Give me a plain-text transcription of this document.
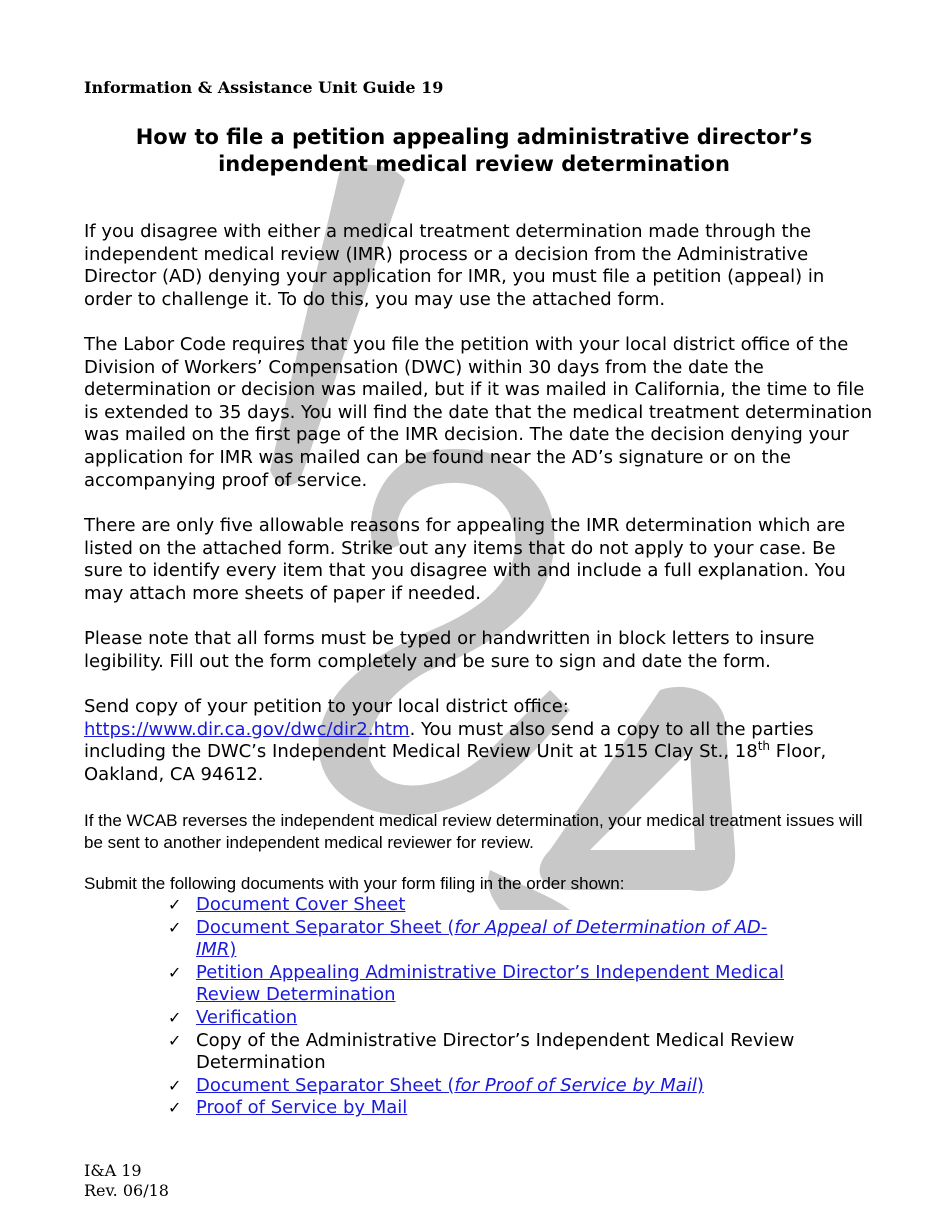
Information & Assistance Unit Guide 19
How to file a petition appealing administrative director’s
independent medical review determination

If you disagree with either a medical treatment determination made through the independent medical review (IMR) process or a decision from the Administrative Director (AD) denying your application for IMR, you must file a petition (appeal) in order to challenge it. To do this, you may use the attached form.

The Labor Code requires that you file the petition with your local district office of the Division of Workers’ Compensation (DWC) within 30 days from the date the determination or decision was mailed, but if it was mailed in California, the time to file is extended to 35 days. You will find the date that the medical treatment determination was mailed on the first page of the IMR decision. The date the decision denying your application for IMR was mailed can be found near the AD’s signature or on the accompanying proof of service.

There are only five allowable reasons for appealing the IMR determination which are listed on the attached form. Strike out any items that do not apply to your case. Be sure to identify every item that you disagree with and include a full explanation. You may attach more sheets of paper if needed.

Please note that all forms must be typed or handwritten in block letters to insure legibility. Fill out the form completely and be sure to sign and date the form.

Send copy of your petition to your local district office:
https://www.dir.ca.gov/dwc/dir2.htm. You must also send a copy to all the parties including the DWC’s Independent Medical Review Unit at 1515 Clay St., 18th Floor, Oakland, CA 94612.

If the WCAB reverses the independent medical review determination, your medical treatment issues will be sent to another independent medical reviewer for review.

Submit the following documents with your form filing in the order shown:

✓ Document Cover Sheet
✓ Document Separator Sheet (for Appeal of Determination of AD-IMR)
✓ Petition Appealing Administrative Director’s Independent Medical Review Determination
✓ Verification
✓ Copy of the Administrative Director’s Independent Medical Review Determination
✓ Document Separator Sheet (for Proof of Service by Mail)
✓ Proof of Service by Mail
I&A 19
Rev. 06/18
